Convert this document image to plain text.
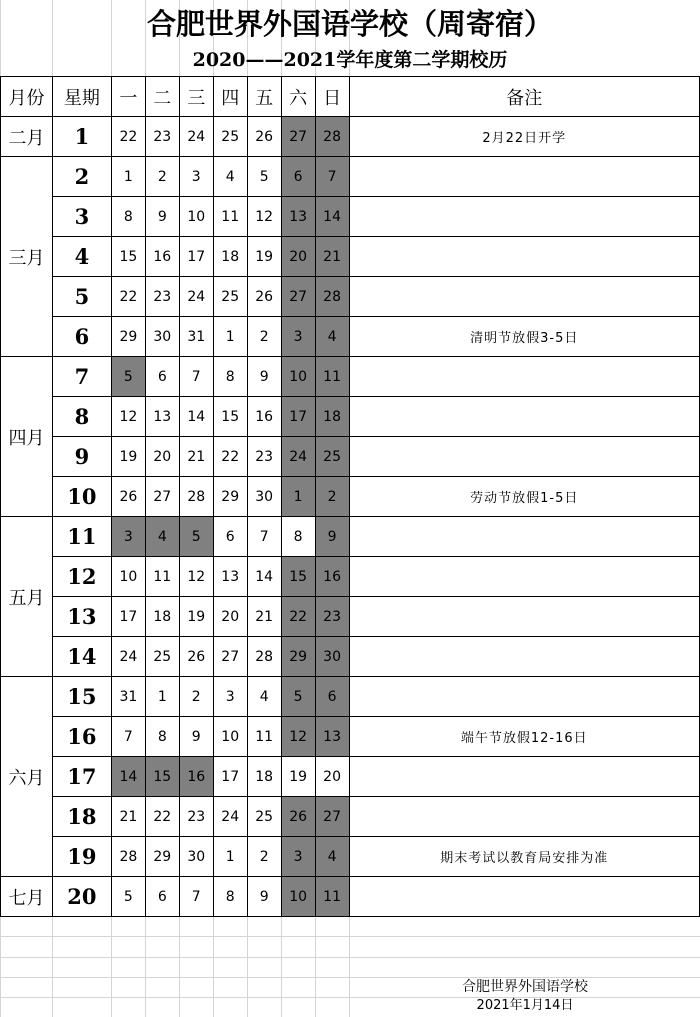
合肥世界外国语学校（周寄宿）
2020——2021学年度第二学期校历
月份	星期	一	二	三	四	五	六	日	备注
二月	1	22	23	24	25	26	27	28	2月22日开学
三月	2	1	2	3	4	5	6	7	
	3	8	9	10	11	12	13	14	
	4	15	16	17	18	19	20	21	
	5	22	23	24	25	26	27	28	
	6	29	30	31	1	2	3	4	清明节放假3-5日
四月	7	5	6	7	8	9	10	11	
	8	12	13	14	15	16	17	18	
	9	19	20	21	22	23	24	25	
	10	26	27	28	29	30	1	2	劳动节放假1-5日
五月	11	3	4	5	6	7	8	9	
	12	10	11	12	13	14	15	16	
	13	17	18	19	20	21	22	23	
	14	24	25	26	27	28	29	30	
六月	15	31	1	2	3	4	5	6	
	16	7	8	9	10	11	12	13	端午节放假12-16日
	17	14	15	16	17	18	19	20	
	18	21	22	23	24	25	26	27	
	19	28	29	30	1	2	3	4	期末考试以教育局安排为准
七月	20	5	6	7	8	9	10	11	
合肥世界外国语学校
2021年1月14日
